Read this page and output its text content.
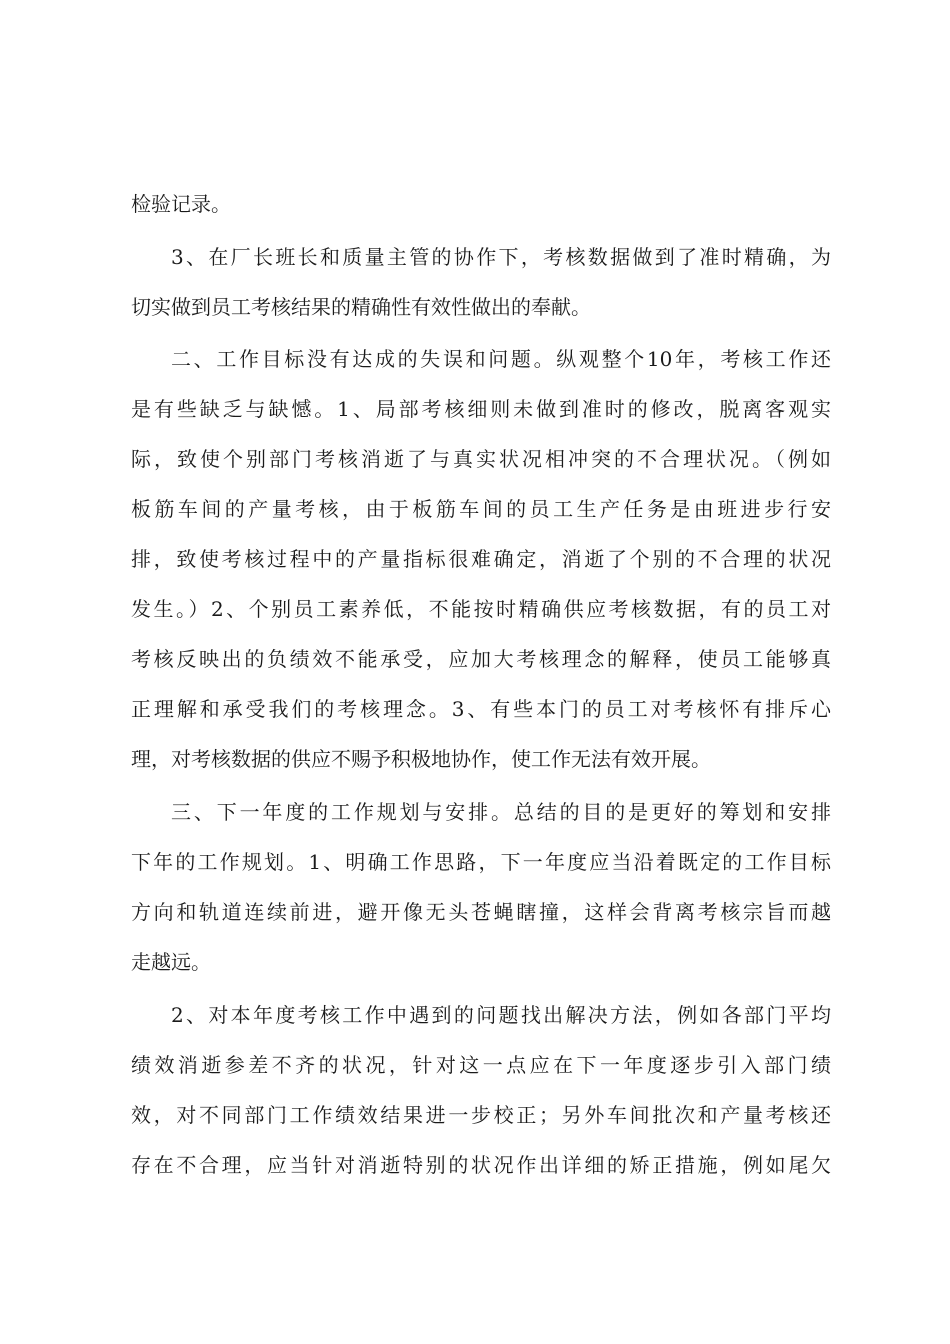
检验记录。
3、在厂长班长和质量主管的协作下，考核数据做到了准时精确，为
切实做到员工考核结果的精确性有效性做出的奉献。
二、工作目标没有达成的失误和问题。纵观整个10年，考核工作还
是有些缺乏与缺憾。1、局部考核细则未做到准时的修改，脱离客观实
际，致使个别部门考核消逝了与真实状况相冲突的不合理状况。（例如
板筋车间的产量考核，由于板筋车间的员工生产任务是由班进步行安
排，致使考核过程中的产量指标很难确定，消逝了个别的不合理的状况
发生。）2、个别员工素养低，不能按时精确供应考核数据，有的员工对
考核反映出的负绩效不能承受，应加大考核理念的解释，使员工能够真
正理解和承受我们的考核理念。3、有些本门的员工对考核怀有排斥心
理，对考核数据的供应不赐予积极地协作，使工作无法有效开展。
三、下一年度的工作规划与安排。总结的目的是更好的筹划和安排
下年的工作规划。1、明确工作思路，下一年度应当沿着既定的工作目标
方向和轨道连续前进，避开像无头苍蝇瞎撞，这样会背离考核宗旨而越
走越远。
2、对本年度考核工作中遇到的问题找出解决方法，例如各部门平均
绩效消逝参差不齐的状况，针对这一点应在下一年度逐步引入部门绩
效，对不同部门工作绩效结果进一步校正；另外车间批次和产量考核还
存在不合理，应当针对消逝特别的状况作出详细的矫正措施，例如尾欠
